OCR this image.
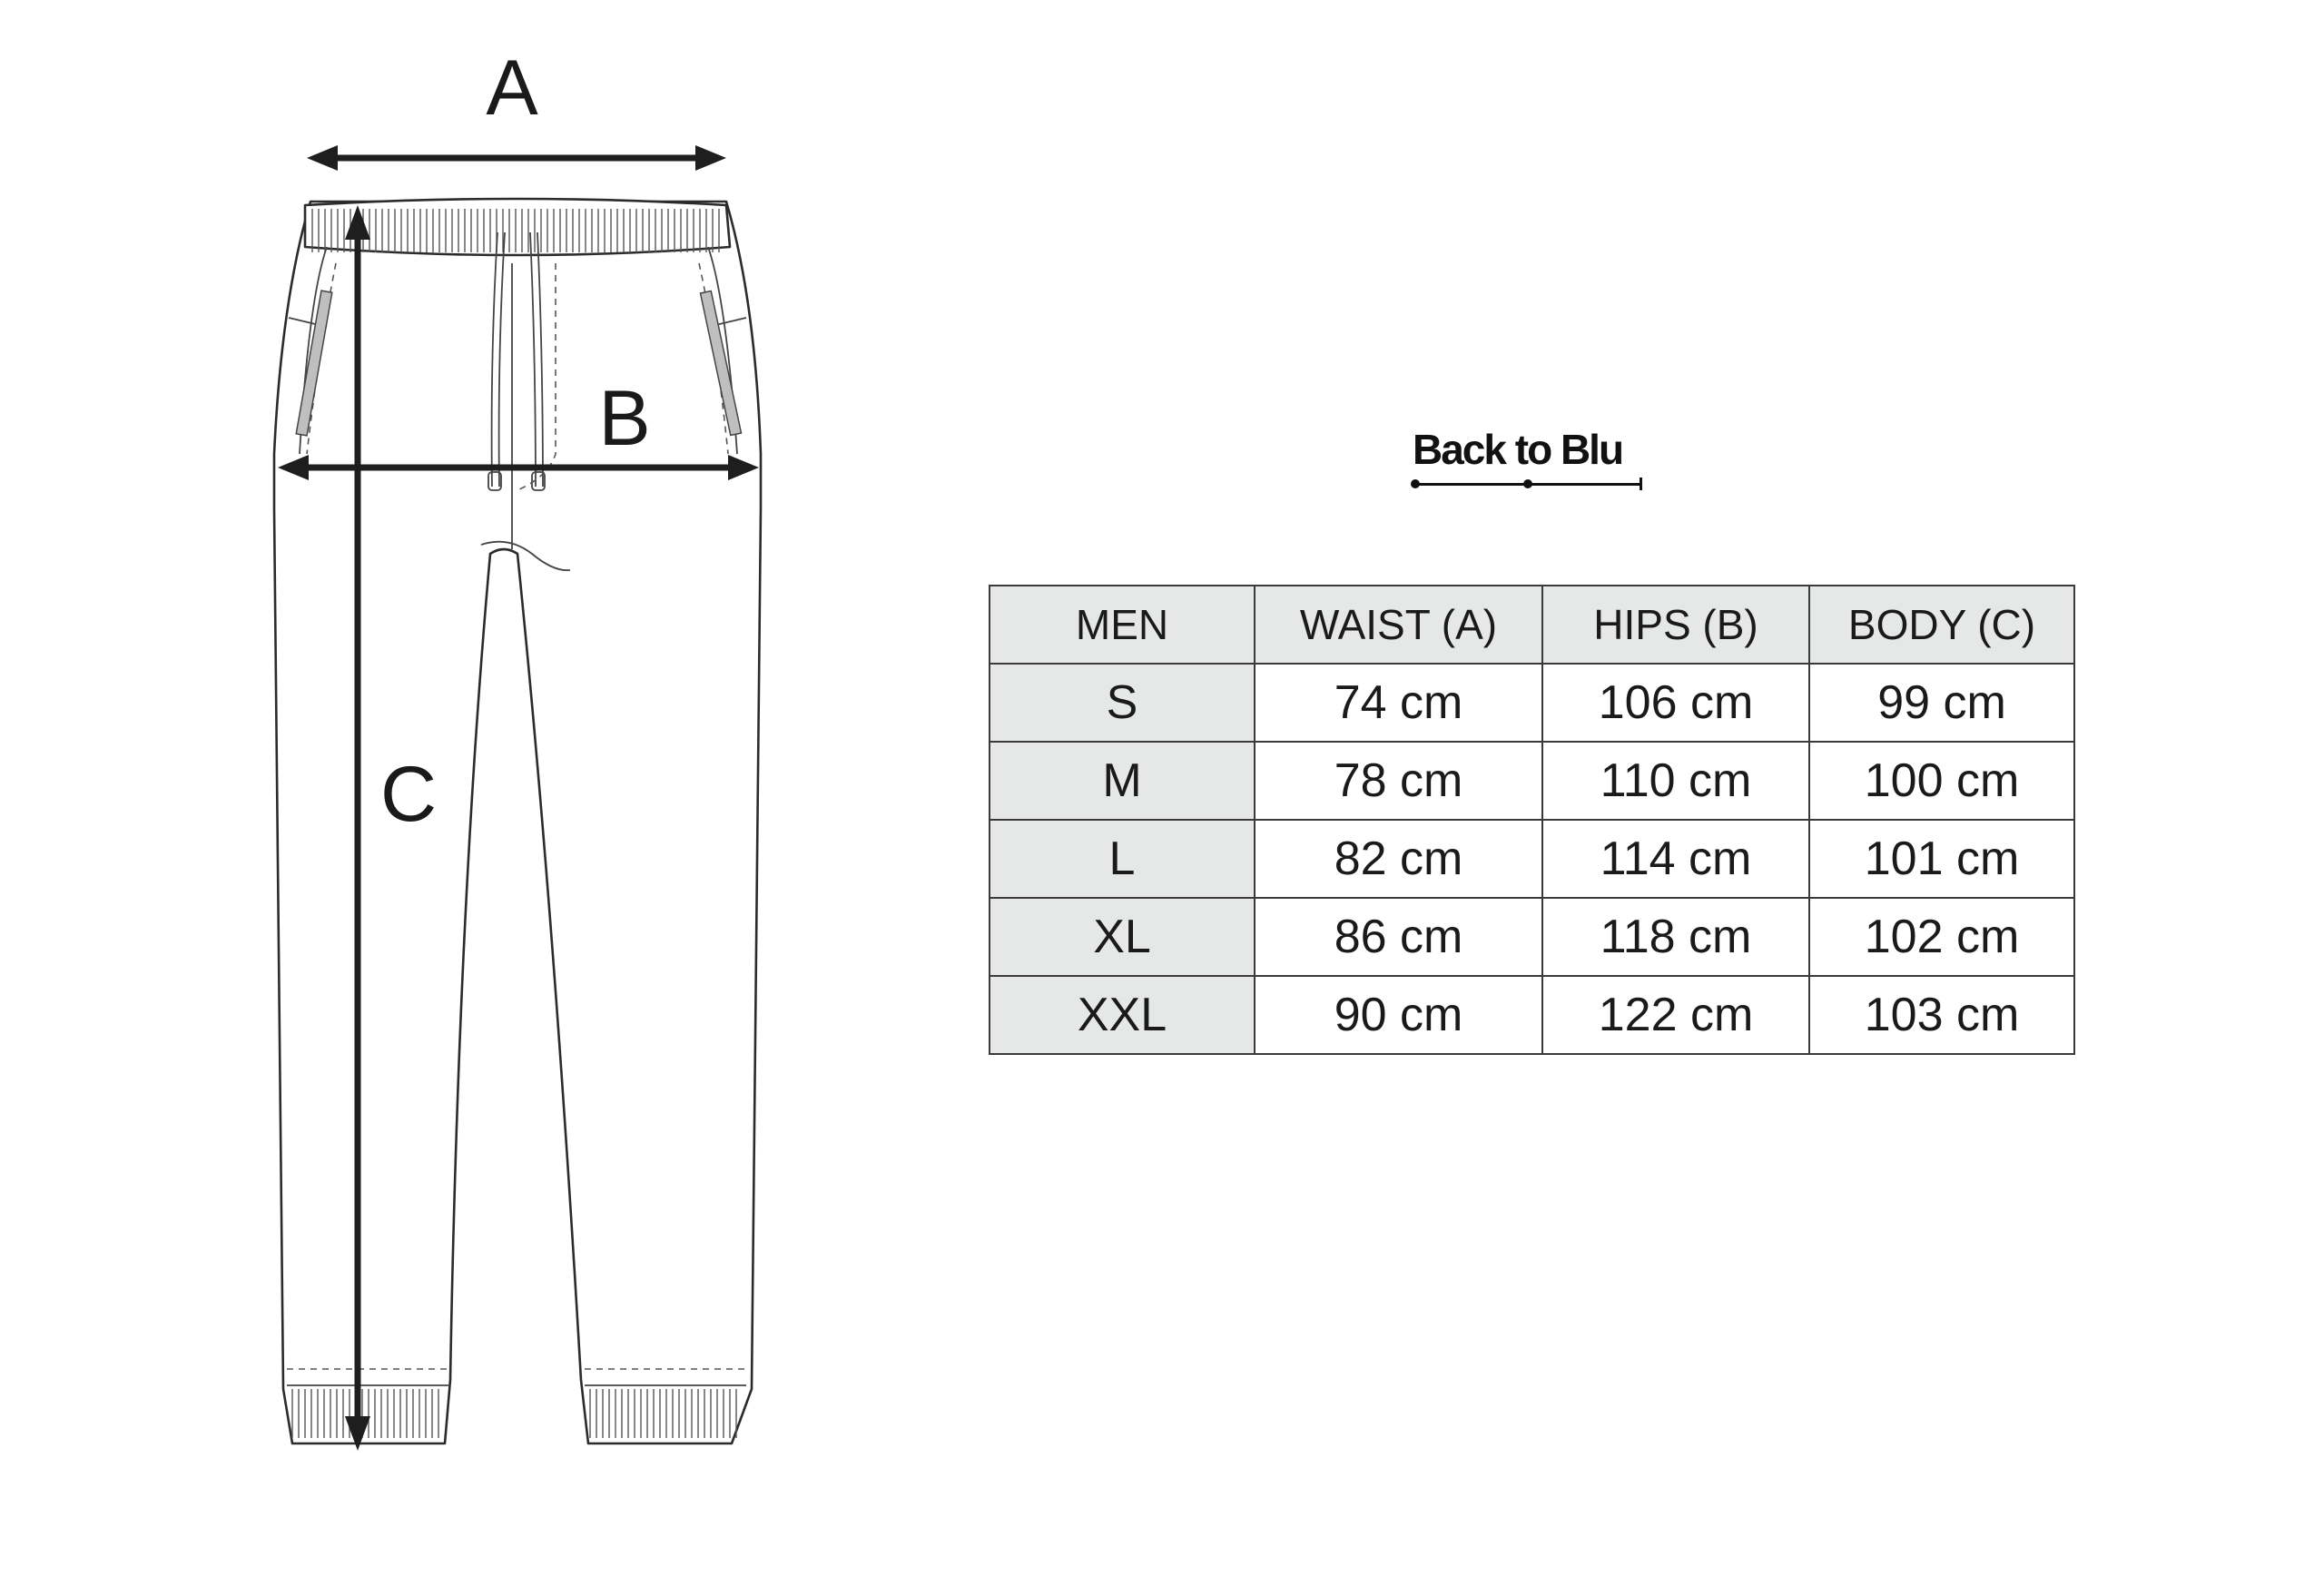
A
B
C
Back to Blu
MEN	WAIST (A)	HIPS (B)	BODY (C)
S	74 cm	106 cm	99 cm
M	78 cm	110 cm	100 cm
L	82 cm	114 cm	101 cm
XL	86 cm	118 cm	102 cm
XXL	90 cm	122 cm	103 cm
